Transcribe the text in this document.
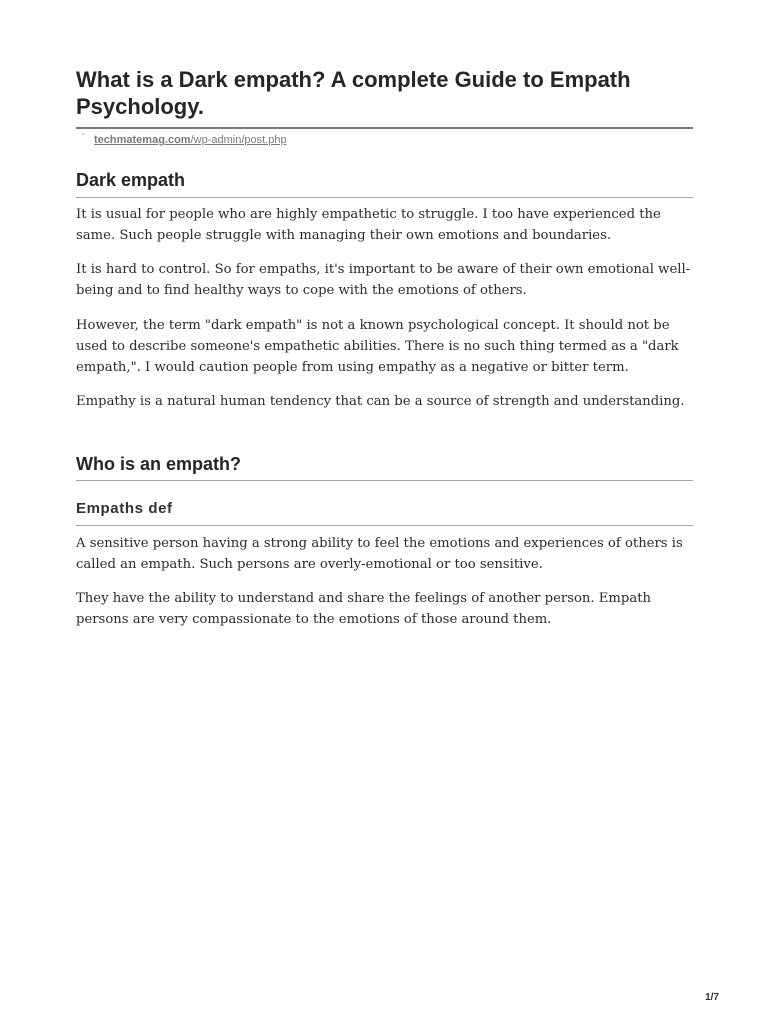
What is a Dark empath? A complete Guide to Empath Psychology.
° techmatemag.com/wp-admin/post.php
Dark empath

It is usual for people who are highly empathetic to struggle. I too have experienced the same. Such people struggle with managing their own emotions and boundaries.

It is hard to control. So for empaths, it's important to be aware of their own emotional well-being and to find healthy ways to cope with the emotions of others.

However, the term "dark empath" is not a known psychological concept. It should not be used to describe someone's empathetic abilities. There is no such thing termed as a "dark empath,". I would caution people from using empathy as a negative or bitter term.

Empathy is a natural human tendency that can be a source of strength and understanding.

Who is an empath?
Empaths def

A sensitive person having a strong ability to feel the emotions and experiences of others is called an empath. Such persons are overly-emotional or too sensitive.

They have the ability to understand and share the feelings of another person. Empath persons are very compassionate to the emotions of those around them.

1/7
